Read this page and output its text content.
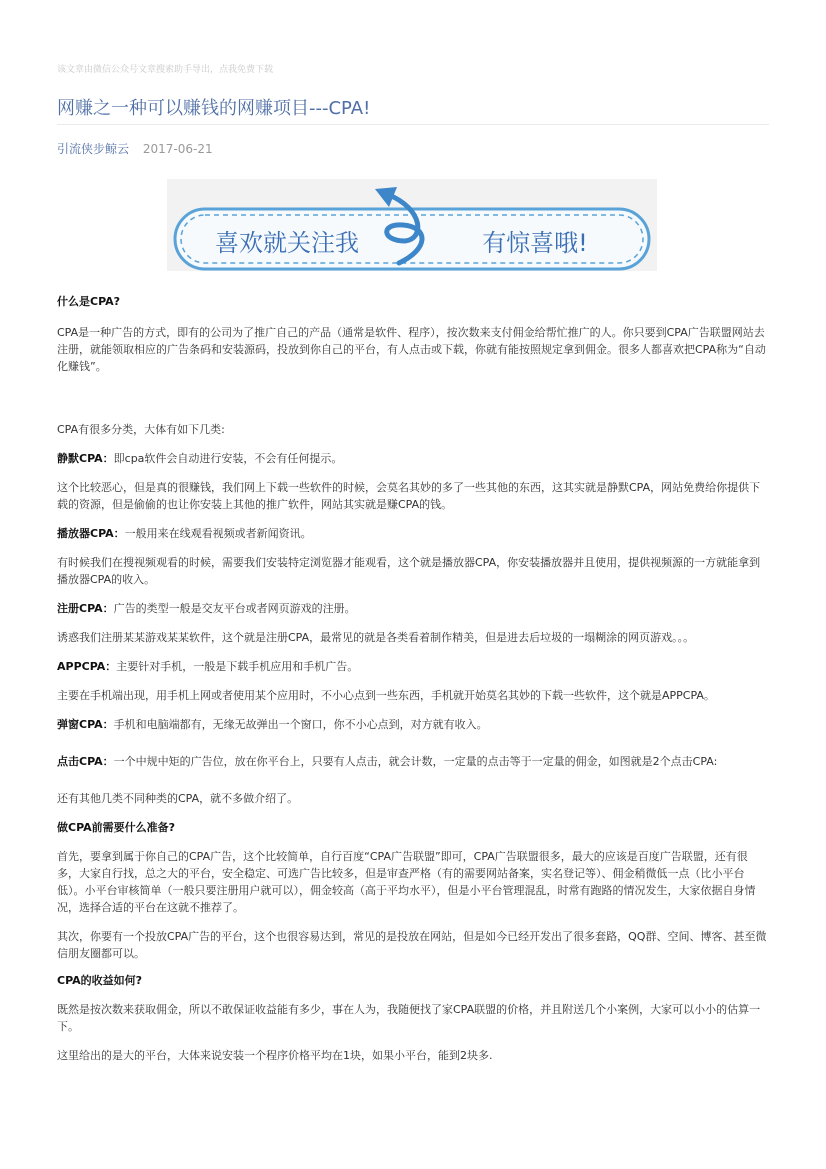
该文章由微信公众号文章搜索助手导出，点我免费下载
网赚之一种可以赚钱的网赚项目---CPA!
引流侠步鲸云 2017-06-21
喜欢就关注我	有惊喜哦!

什么是CPA?

CPA是一种广告的方式，即有的公司为了推广自己的产品（通常是软件、程序），按次数来支付佣金给帮忙推广的人。你只要到CPA广告联盟网站去注册，就能领取相应的广告条码和安装源码，投放到你自己的平台，有人点击或下载，你就有能按照规定拿到佣金。很多人都喜欢把CPA称为“自动化赚钱”。

CPA有很多分类，大体有如下几类:

静默CPA：即cpa软件会自动进行安装，不会有任何提示。

这个比较恶心，但是真的很赚钱，我们网上下载一些软件的时候，会莫名其妙的多了一些其他的东西，这其实就是静默CPA，网站免费给你提供下载的资源，但是偷偷的也让你安装上其他的推广软件，网站其实就是赚CPA的钱。

播放器CPA：一般用来在线观看视频或者新闻资讯。

有时候我们在搜视频观看的时候，需要我们安装特定浏览器才能观看，这个就是播放器CPA，你安装播放器并且使用，提供视频源的一方就能拿到播放器CPA的收入。

注册CPA：广告的类型一般是交友平台或者网页游戏的注册。

诱惑我们注册某某游戏某某软件，这个就是注册CPA，最常见的就是各类看着制作精美，但是进去后垃圾的一塌糊涂的网页游戏。。。

APPCPA：主要针对手机，一般是下载手机应用和手机广告。

主要在手机端出现，用手机上网或者使用某个应用时，不小心点到一些东西，手机就开始莫名其妙的下载一些软件，这个就是APPCPA。

弹窗CPA：手机和电脑端都有，无缘无故弹出一个窗口，你不小心点到，对方就有收入。

点击CPA：一个中规中矩的广告位，放在你平台上，只要有人点击，就会计数，一定量的点击等于一定量的佣金，如图就是2个点击CPA:

还有其他几类不同种类的CPA，就不多做介绍了。

做CPA前需要什么准备?

首先，要拿到属于你自己的CPA广告，这个比较简单，自行百度“CPA广告联盟”即可，CPA广告联盟很多，最大的应该是百度广告联盟，还有很多，大家自行找，总之大的平台，安全稳定、可选广告比较多，但是审查严格（有的需要网站备案，实名登记等）、佣金稍微低一点（比小平台低）。小平台审核简单（一般只要注册用户就可以），佣金较高（高于平均水平），但是小平台管理混乱，时常有跑路的情况发生，大家依据自身情况，选择合适的平台在这就不推荐了。

其次，你要有一个投放CPA广告的平台，这个也很容易达到，常见的是投放在网站，但是如今已经开发出了很多套路，QQ群、空间、博客、甚至微信朋友圈都可以。

CPA的收益如何?

既然是按次数来获取佣金，所以不敢保证收益能有多少，事在人为，我随便找了家CPA联盟的价格，并且附送几个小案例，大家可以小小的估算一下。

这里给出的是大的平台，大体来说安装一个程序价格平均在1块，如果小平台，能到2块多.
